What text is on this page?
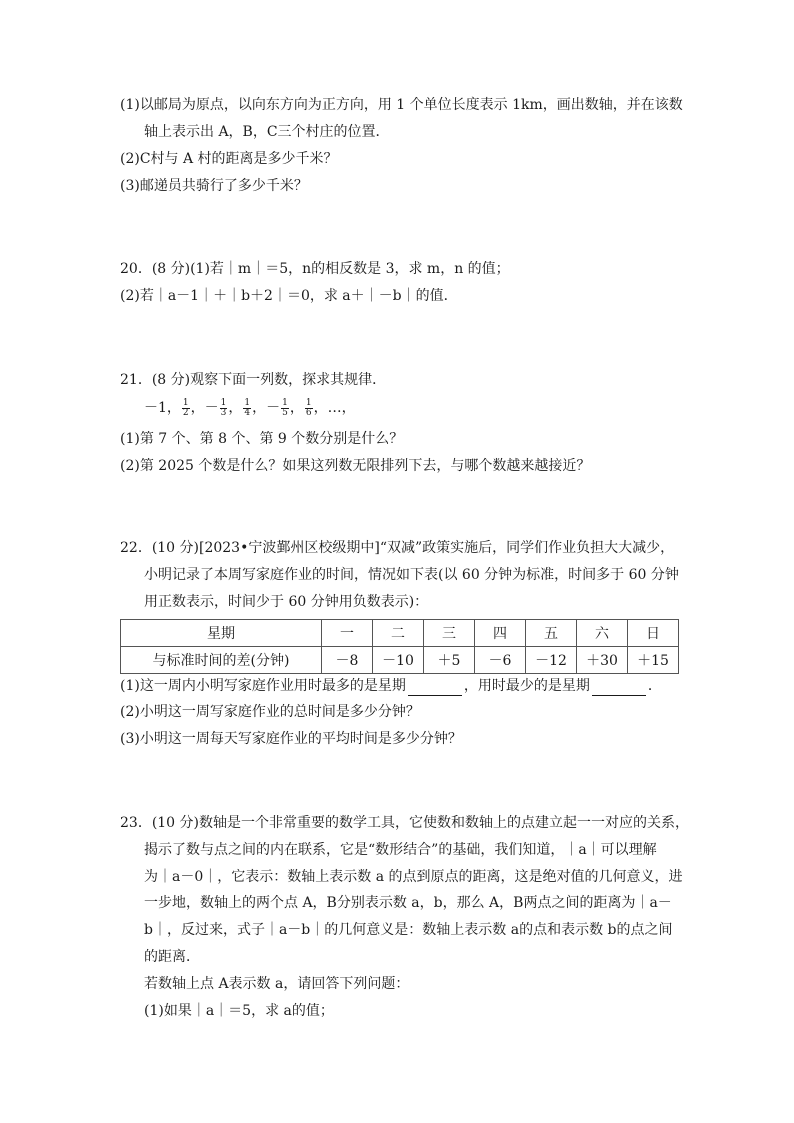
(1)以邮局为原点，以向东方向为正方向，用 1 个单位长度表示 1km，画出数轴，并在该数
轴上表示出 A，B，C三个村庄的位置．
(2)C村与 A 村的距离是多少千米？
(3)邮递员共骑行了多少千米？
20．(8 分)(1)若｜m｜＝5，n的相反数是 3，求 m，n 的值；
(2)若｜a－1｜＋｜b＋2｜＝0，求 a＋｜－b｜的值．
21．(8 分)观察下面一列数，探求其规律．
－1， $\frac{1}{2}$ ，－ $\frac{1}{3}$ ， $\frac{1}{4}$ ，－ $\frac{1}{5}$ ， $\frac{1}{6}$ ，…，
(1)第 7 个、第 8 个、第 9 个数分别是什么？
(2)第 2025 个数是什么？如果这列数无限排列下去，与哪个数越来越接近？
22．(10 分)[2023•宁波鄞州区校级期中]“双减”政策实施后，同学们作业负担大大减少，
小明记录了本周写家庭作业的时间，情况如下表(以 60 分钟为标准，时间多于 60 分钟
用正数表示，时间少于 60 分钟用负数表示)：
星期	一	二	三	四	五	六	日
与标准时间的差(分钟)	－8	－10	＋5	－6	－12	＋30	＋15
(1)这一周内小明写家庭作业用时最多的是星期	，用时最少的是星期	．
(2)小明这一周写家庭作业的总时间是多少分钟？
(3)小明这一周每天写家庭作业的平均时间是多少分钟？
23．(10 分)数轴是一个非常重要的数学工具，它使数和数轴上的点建立起一一对应的关系，
揭示了数与点之间的内在联系，它是“数形结合”的基础，我们知道，｜a｜可以理解
为｜a－0｜，它表示：数轴上表示数 a 的点到原点的距离，这是绝对值的几何意义，进
一步地，数轴上的两个点 A，B分别表示数 a，b，那么 A，B两点之间的距离为｜a－
b｜，反过来，式子｜a－b｜的几何意义是：数轴上表示数 a的点和表示数 b的点之间
的距离．
若数轴上点 A表示数 a，请回答下列问题：
(1)如果｜a｜＝5，求 a的值；
